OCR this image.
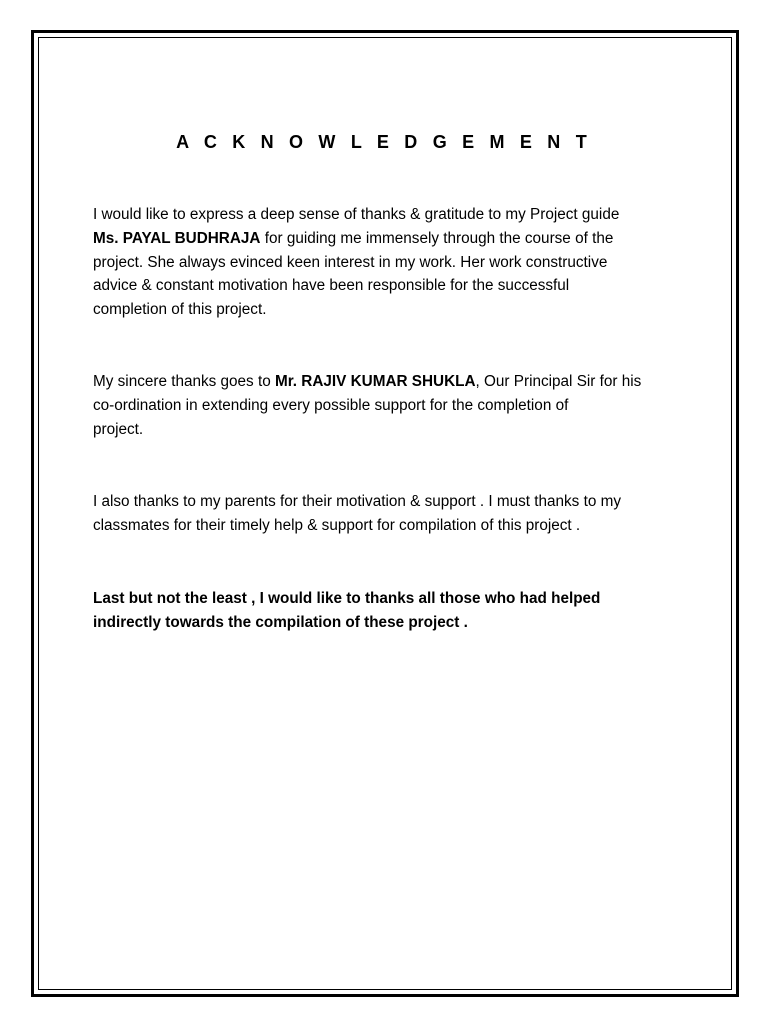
A C K N O W L E D G E M E N T

I would like to express a deep sense of thanks & gratitude to my Project guide
Ms. PAYAL BUDHRAJA for guiding me immensely through the course of the
project. She always evinced keen interest in my work. Her work constructive
advice & constant motivation have been responsible for the successful
completion of this project.

My sincere thanks goes to Mr. RAJIV KUMAR SHUKLA, Our Principal Sir for his
co-ordination in extending every possible support for the completion of
project.

I also thanks to my parents for their motivation & support . I must thanks to my
classmates for their timely help & support for compilation of this project .

Last but not the least , I would like to thanks all those who had helped
indirectly towards the compilation of these project .
